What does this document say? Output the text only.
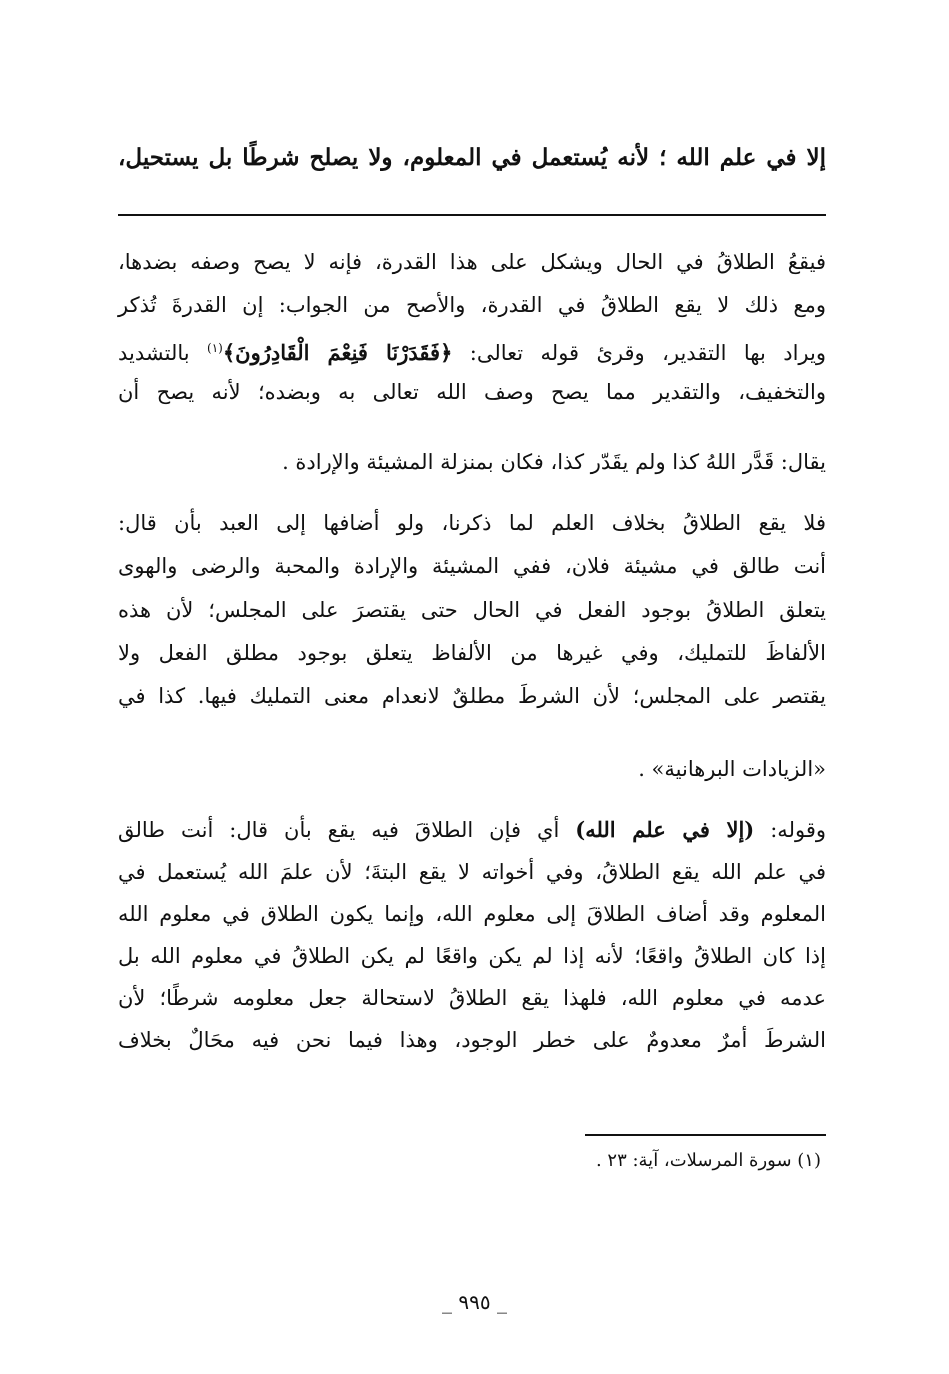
إلا في علم الله ؛ لأنه يُستعمل في المعلوم، ولا يصلح شرطًا بل يستحيل،
فيقعُ الطلاقُ في الحال ويشكل على هذا القدرة، فإنه لا يصح وصفه بضدها،
ومع ذلك لا يقع الطلاقُ في القدرة، والأصح من الجواب: إن القدرةَ تُذكر
ويراد بها التقدير، وقرئ قوله تعالى: ﴿فَقَدَرْنَا فَنِعْمَ الْقَادِرُونَ﴾$^{(١)}$ بالتشديد
والتخفيف، والتقدير مما يصح وصف الله تعالى به وبضده؛ لأنه يصح أن
يقال: قَدَّر اللهُ كذا ولم يقَدّر كذا، فكان بمنزلة المشيئة والإرادة .
فلا يقع الطلاقُ بخلاف العلم لما ذكرنا، ولو أضافها إلى العبد بأن قال:
أنت طالق في مشيئة فلان، ففي المشيئة والإرادة والمحبة والرضى والهوى
يتعلق الطلاقُ بوجود الفعل في الحال حتى يقتصرَ على المجلس؛ لأن هذه
الألفاظَ للتمليك، وفي غيرها من الألفاظ يتعلق بوجود مطلق الفعل ولا
يقتصر على المجلس؛ لأن الشرطَ مطلقٌ لانعدام معنى التمليك فيها. كذا في
«الزيادات البرهانية» .
وقوله: (إلا في علم الله) أي فإن الطلاقَ فيه يقع بأن قال: أنت طالق
في علم الله يقع الطلاقُ، وفي أخواته لا يقع البتةَ؛ لأن علمَ الله يُستعمل في
المعلوم وقد أضاف الطلاقَ إلى معلوم الله، وإنما يكون الطلاق في معلوم الله
إذا كان الطلاقُ واقعًا؛ لأنه إذا لم يكن واقعًا لم يكن الطلاقُ في معلوم الله بل
عدمه في معلوم الله، فلهذا يقع الطلاقُ لاستحالة جعل معلومه شرطًا؛ لأن
الشرطَ أمرٌ معدومٌ على خطر الوجود، وهذا فيما نحن فيه محَالٌ بخلاف
(١) سورة المرسلات، آية: ٢٣ .
_ ٩٩٥ _
